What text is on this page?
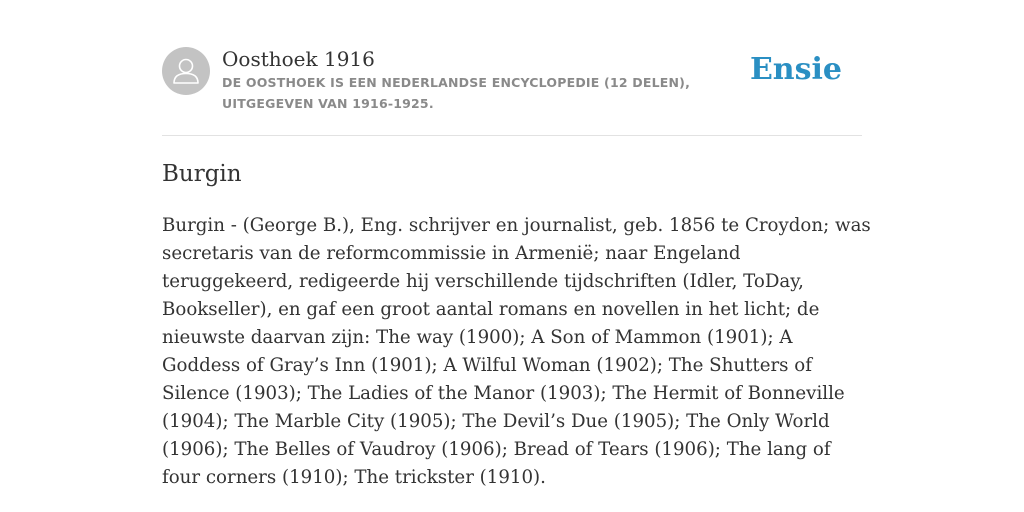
Oosthoek 1916
DE OOSTHOEK IS EEN NEDERLANDSE ENCYCLOPEDIE (12 DELEN), UITGEGEVEN VAN 1916-1925.
Ensie
Burgin

Burgin - (George B.), Eng. schrijver en journalist, geb. 1856 te Croydon; was secretaris van de reformcommissie in Armenië; naar Engeland teruggekeerd, redigeerde hij verschillende tijdschriften (Idler, ToDay, Bookseller), en gaf een groot aantal romans en novellen in het licht; de nieuwste daarvan zijn: The way (1900); A Son of Mammon (1901); A Goddess of Gray’s Inn (1901); A Wilful Woman (1902); The Shutters of Silence (1903); The Ladies of the Manor (1903); The Hermit of Bonneville (1904); The Marble City (1905); The Devil’s Due (1905); The Only World (1906); The Belles of Vaudroy (1906); Bread of Tears (1906); The lang of four corners (1910); The trickster (1910).
